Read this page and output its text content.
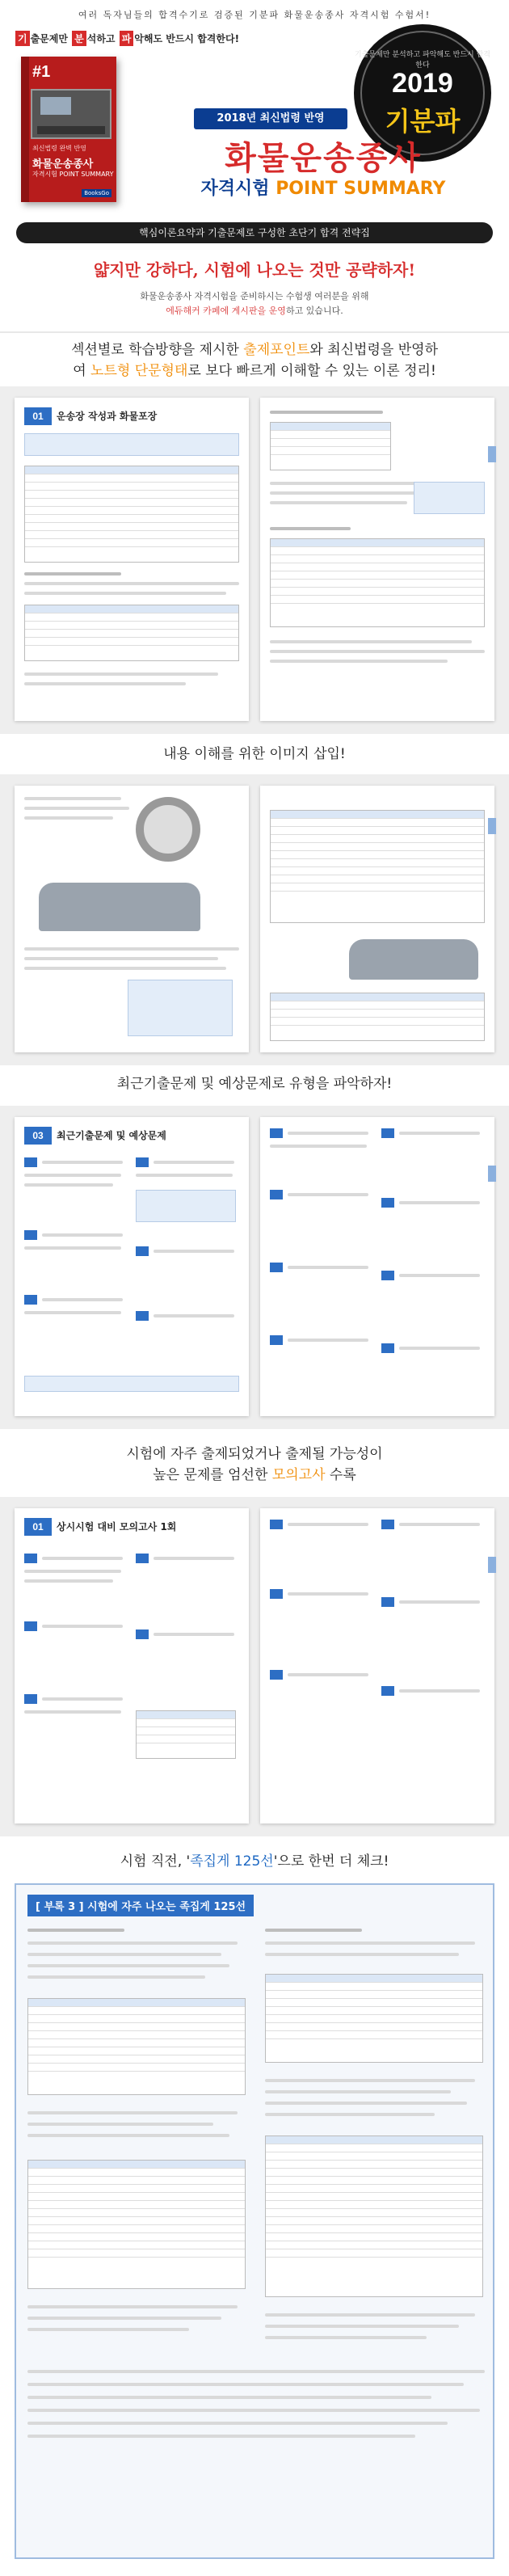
여러 독자님들의 합격수기로 검증된 기분파 화물운송종사 자격시험 수험서!
기 출문제만 분 석하고 파 악해도 반드시 합격한다!
#1
최신법령 완벽 반영
화물운송종사
자격시험 POINT SUMMARY
BooksGo
기출문제만 분석하고 파악해도 반드시 합격한다
2019
기분파
2018년 최신법령 반영
화물운송종사
자격시험 POINT SUMMARY
핵심이론요약과 기출문제로 구성한 초단기 합격 전략집
얇지만 강하다, 시험에 나오는 것만 공략하자!
화물운송종사 자격시험을 준비하시는 수험생 여러분을 위해
에듀해커 카페에 게시판을 운영하고 있습니다.
섹션별로 학습방향을 제시한 출제포인트와 최신법령을 반영하
여 노트형 단문형태로 보다 빠르게 이해할 수 있는 이론 정리!
01	운송장 작성과 화물포장
내용 이해를 위한 이미지 삽입!
최근기출문제 및 예상문제로 유형을 파악하자!
03	최근기출문제 및 예상문제
시험에 자주 출제되었거나 출제될 가능성이
높은 문제를 엄선한 모의고사 수록
01	상시시험 대비 모의고사 1회
시험 직전, '족집게 125선'으로 한번 더 체크!
[ 부록 3 ] 시험에 자주 나오는 족집게 125선
